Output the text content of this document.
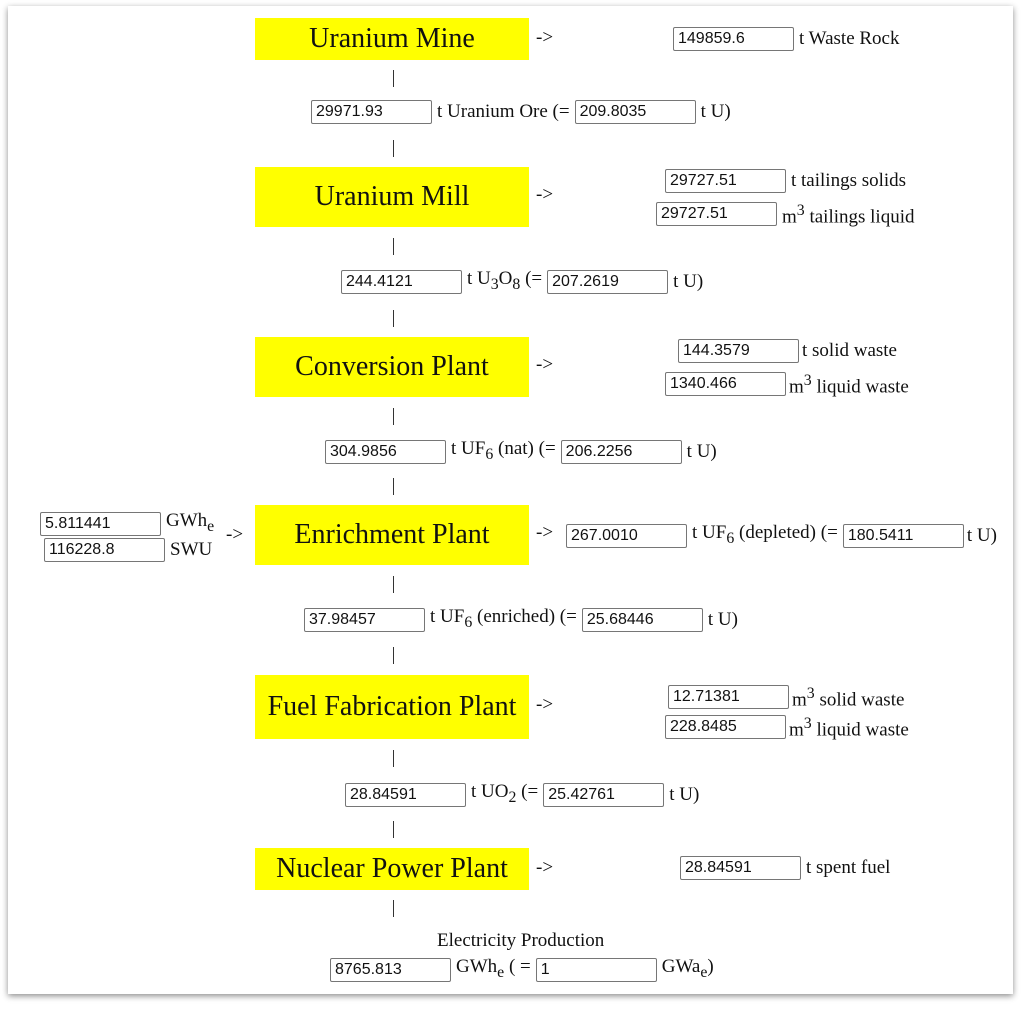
Uranium Mine	->
149859.6	t Waste Rock
29971.93
t Uranium Ore (=
209.8035	t U)
Uranium Mill	->
29727.51
t tailings solids
29727.51
$m^3$ tailings liquid
244.4121
t $U_3O_8$ (=
207.2619	t U)
Conversion Plant ->
144.3579
t solid waste
1340.466
$m^3$ liquid waste
304.9856
t $UF_6$ (nat) (=
206.2256	t U)
Enrichment Plant
5.811441
GWh$_e$
116228.8
SWU
->	->
267.0010	t $UF_6$ (depleted) (=
180.5411	t U)
37.98457
t $UF_6$ (enriched) (=
25.68446	t U)
Fuel Fabrication Plant ->
12.71381	$m^3$ solid waste
228.8485
$m^3$ liquid waste
28.84591
t $UO_2$ (=
25.42761	t U)
Nuclear Power Plant ->
28.84591	t spent fuel
Electricity Production
8765.813
GWh$_e$ ( =
1	GWa$_e$)
